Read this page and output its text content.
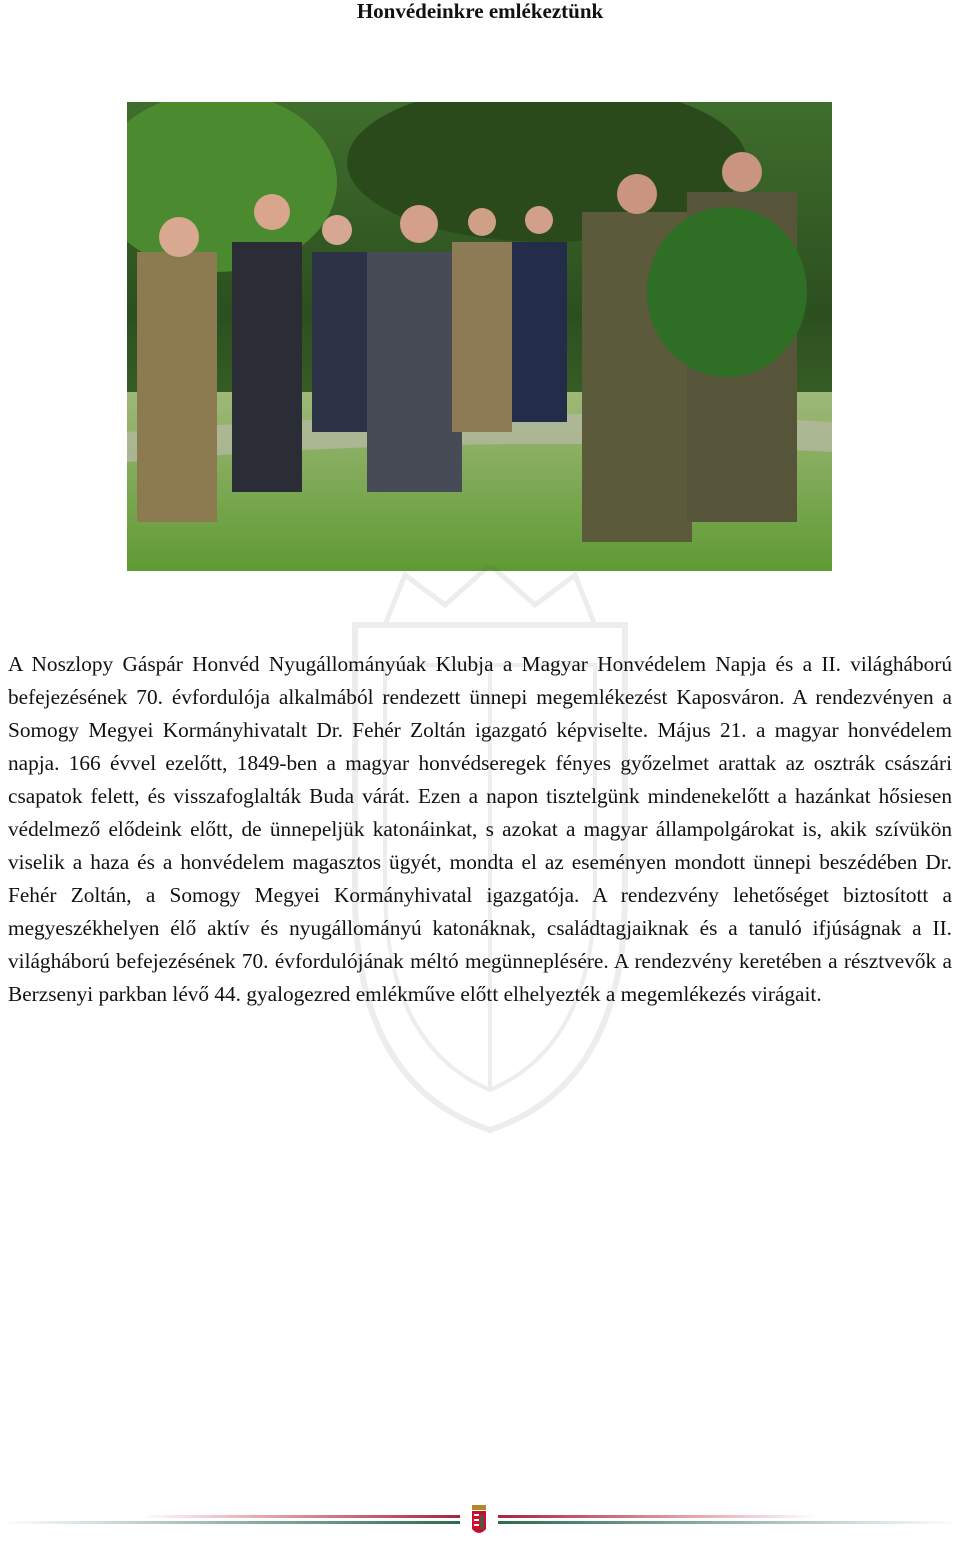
Honvédeinkre emlékeztünk

A Noszlopy Gáspár Honvéd Nyugállományúak Klubja a Magyar Honvédelem Napja és a II. világháború befejezésének 70. évfordulója alkalmából rendezett ünnepi megemlékezést Kaposváron. A rendezvényen a Somogy Megyei Kormányhivatalt Dr. Fehér Zoltán igazgató képviselte. Május 21. a magyar honvédelem napja. 166 évvel ezelőtt, 1849-ben a magyar honvédseregek fényes győzelmet arattak az osztrák császári csapatok felett, és visszafoglalták Buda várát. Ezen a napon tisztelgünk mindenekelőtt a hazánkat hősiesen védelmező elődeink előtt, de ünnepeljük katonáinkat, s azokat a magyar állampolgárokat is, akik szívükön viselik a haza és a honvédelem magasztos ügyét, mondta el az eseményen mondott ünnepi beszédében Dr. Fehér Zoltán, a Somogy Megyei Kormányhivatal igazgatója. A rendezvény lehetőséget biztosított a megyeszékhelyen élő aktív és nyugállományú katonáknak, családtagjaiknak és a tanuló ifjúságnak a II. világháború befejezésének 70. évfordulójának méltó megünneplésére. A rendezvény keretében a résztvevők a Berzsenyi parkban lévő 44. gyalogezred emlékműve előtt elhelyezték a megemlékezés virágait.
